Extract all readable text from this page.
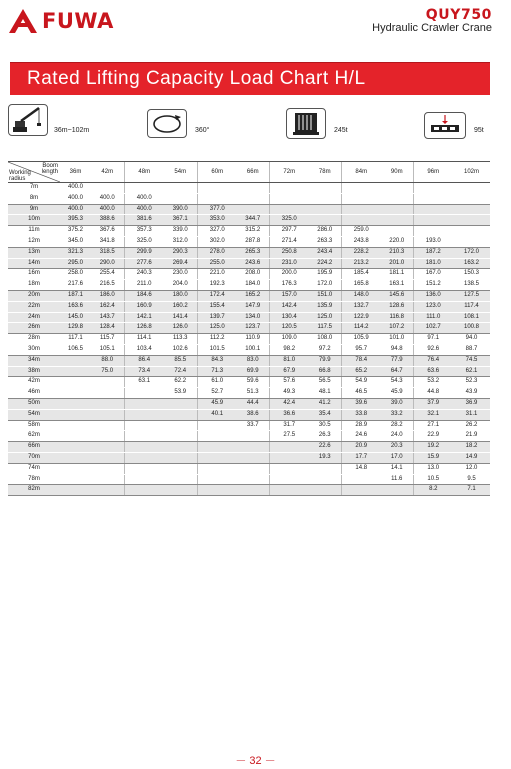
FUWA	QUY750
Hydraulic Crawler Crane
Rated Lifting Capacity Load Chart H/L
36m~102m	360°	245t	95t
Boom length
Working radius	36m	42m	48m	54m	60m	66m	72m	78m	84m	90m	96m	102m
7m	400.0											
8m	400.0	400.0	400.0									
9m	400.0	400.0	400.0	390.0	377.0							
10m	395.3	388.6	381.6	367.1	353.0	344.7	325.0					
11m	375.2	367.6	357.3	339.0	327.0	315.2	297.7	286.0	259.0			
12m	345.0	341.8	325.0	312.0	302.0	287.8	271.4	263.3	243.8	220.0	193.0	
13m	321.3	318.5	299.9	290.3	278.0	265.3	250.8	243.4	228.2	210.3	187.2	172.0
14m	295.0	290.0	277.6	269.4	255.0	243.6	231.0	224.2	213.2	201.0	181.0	163.2
16m	258.0	255.4	240.3	230.0	221.0	208.0	200.0	195.9	185.4	181.1	167.0	150.3
18m	217.6	216.5	211.0	204.0	192.3	184.0	176.3	172.0	165.8	163.1	151.2	138.5
20m	187.1	186.0	184.6	180.0	172.4	165.2	157.0	151.0	148.0	145.6	136.0	127.5
22m	163.6	162.4	160.9	160.2	155.4	147.9	142.4	135.9	132.7	128.6	123.0	117.4
24m	145.0	143.7	142.1	141.4	139.7	134.0	130.4	125.0	122.9	116.8	111.0	108.1
26m	129.8	128.4	126.8	126.0	125.0	123.7	120.5	117.5	114.2	107.2	102.7	100.8
28m	117.1	115.7	114.1	113.3	112.2	110.9	109.0	108.0	105.9	101.0	97.1	94.0
30m	106.5	105.1	103.4	102.6	101.5	100.1	98.2	97.2	95.7	94.8	92.6	88.7
34m		88.0	86.4	85.5	84.3	83.0	81.0	79.9	78.4	77.9	76.4	74.5
38m		75.0	73.4	72.4	71.3	69.9	67.9	66.8	65.2	64.7	63.6	62.1
42m			63.1	62.2	61.0	59.6	57.6	56.5	54.9	54.3	53.2	52.3
46m				53.9	52.7	51.3	49.3	48.1	46.5	45.9	44.8	43.9
50m					45.9	44.4	42.4	41.2	39.6	39.0	37.9	36.9
54m					40.1	38.6	36.6	35.4	33.8	33.2	32.1	31.1
58m						33.7	31.7	30.5	28.9	28.2	27.1	26.2
62m							27.5	26.3	24.6	24.0	22.9	21.9
66m								22.6	20.9	20.3	19.2	18.2
70m								19.3	17.7	17.0	15.9	14.9
74m									14.8	14.1	13.0	12.0
78m										11.6	10.5	9.5
82m											8.2	7.1
－ 32 －
